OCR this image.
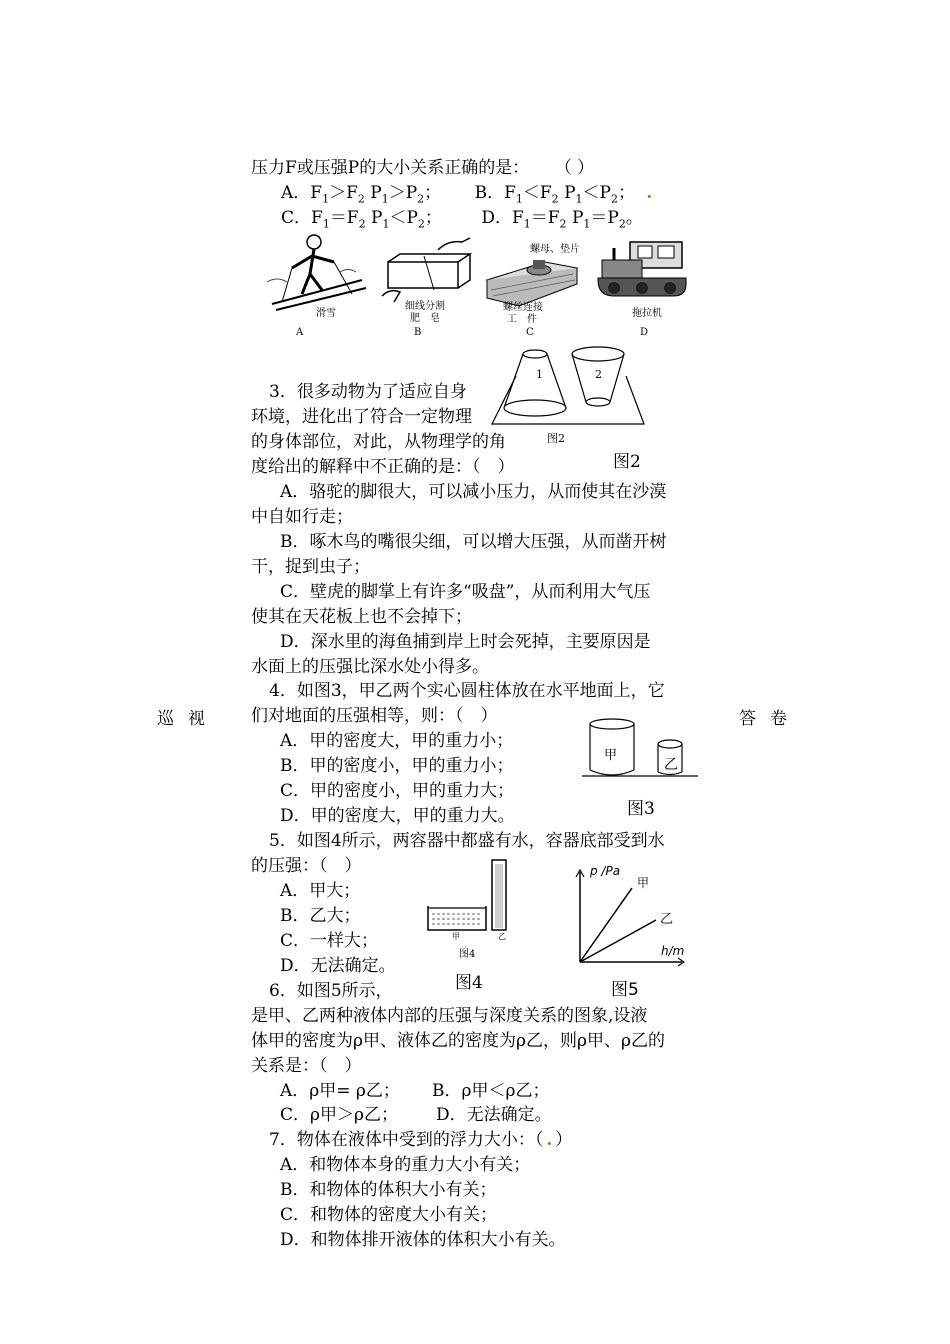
巡视	答卷
压力F或压强P的大小关系正确的是： （ ）
A．$F_1>F_2$ $P_1>P_2$； B．$F_1<F_2$ $P_1<P_2$； .
C．$F_1=F_2$ $P_1<P_2$； D．$F_1=F_2$ $P_1=P_2$。
滑雪
细线分割
肥　皂
螺母、垫片
螺丝连接
工　件
拖拉机
A	B	C	D
1	2
图2
图2
3．很多动物为了适应自身
环境，进化出了符合一定物理
的身体部位，对此，从物理学的角
度给出的解释中不正确的是：（　）
A．骆驼的脚很大，可以减小压力，从而使其在沙漠
中自如行走；
B．啄木鸟的嘴很尖细，可以增大压强，从而凿开树
干，捉到虫子；
C．壁虎的脚掌上有许多“吸盘”，从而利用大气压
使其在天花板上也不会掉下；
D．深水里的海鱼捕到岸上时会死掉，主要原因是
水面上的压强比深水处小得多。
4．如图3，甲乙两个实心圆柱体放在水平地面上，它
们对地面的压强相等，则：（　）
A．甲的密度大，甲的重力小；
B．甲的密度小，甲的重力小；
C．甲的密度小，甲的重力大；
D．甲的密度大，甲的重力大。
甲
乙
图3
5．如图4所示，两容器中都盛有水，容器底部受到水
的压强：（　）
A．甲大；
B．乙大；
C．一样大；
D．无法确定。
甲	乙
图4
图4
p /Pa
甲
乙
h/m
图5
6．如图5所示，
是甲、乙两种液体内部的压强与深度关系的图象,设液
体甲的密度为ρ甲、液体乙的密度为ρ乙，则ρ甲、ρ乙的
关系是：（　）
A．ρ甲= ρ乙； B．ρ甲＜ρ乙；
C．ρ甲＞ρ乙； D．无法确定。
7．物体在液体中受到的浮力大小：（ . ）
A．和物体本身的重力大小有关；
B．和物体的体积大小有关；
C．和物体的密度大小有关；
D．和物体排开液体的体积大小有关。
